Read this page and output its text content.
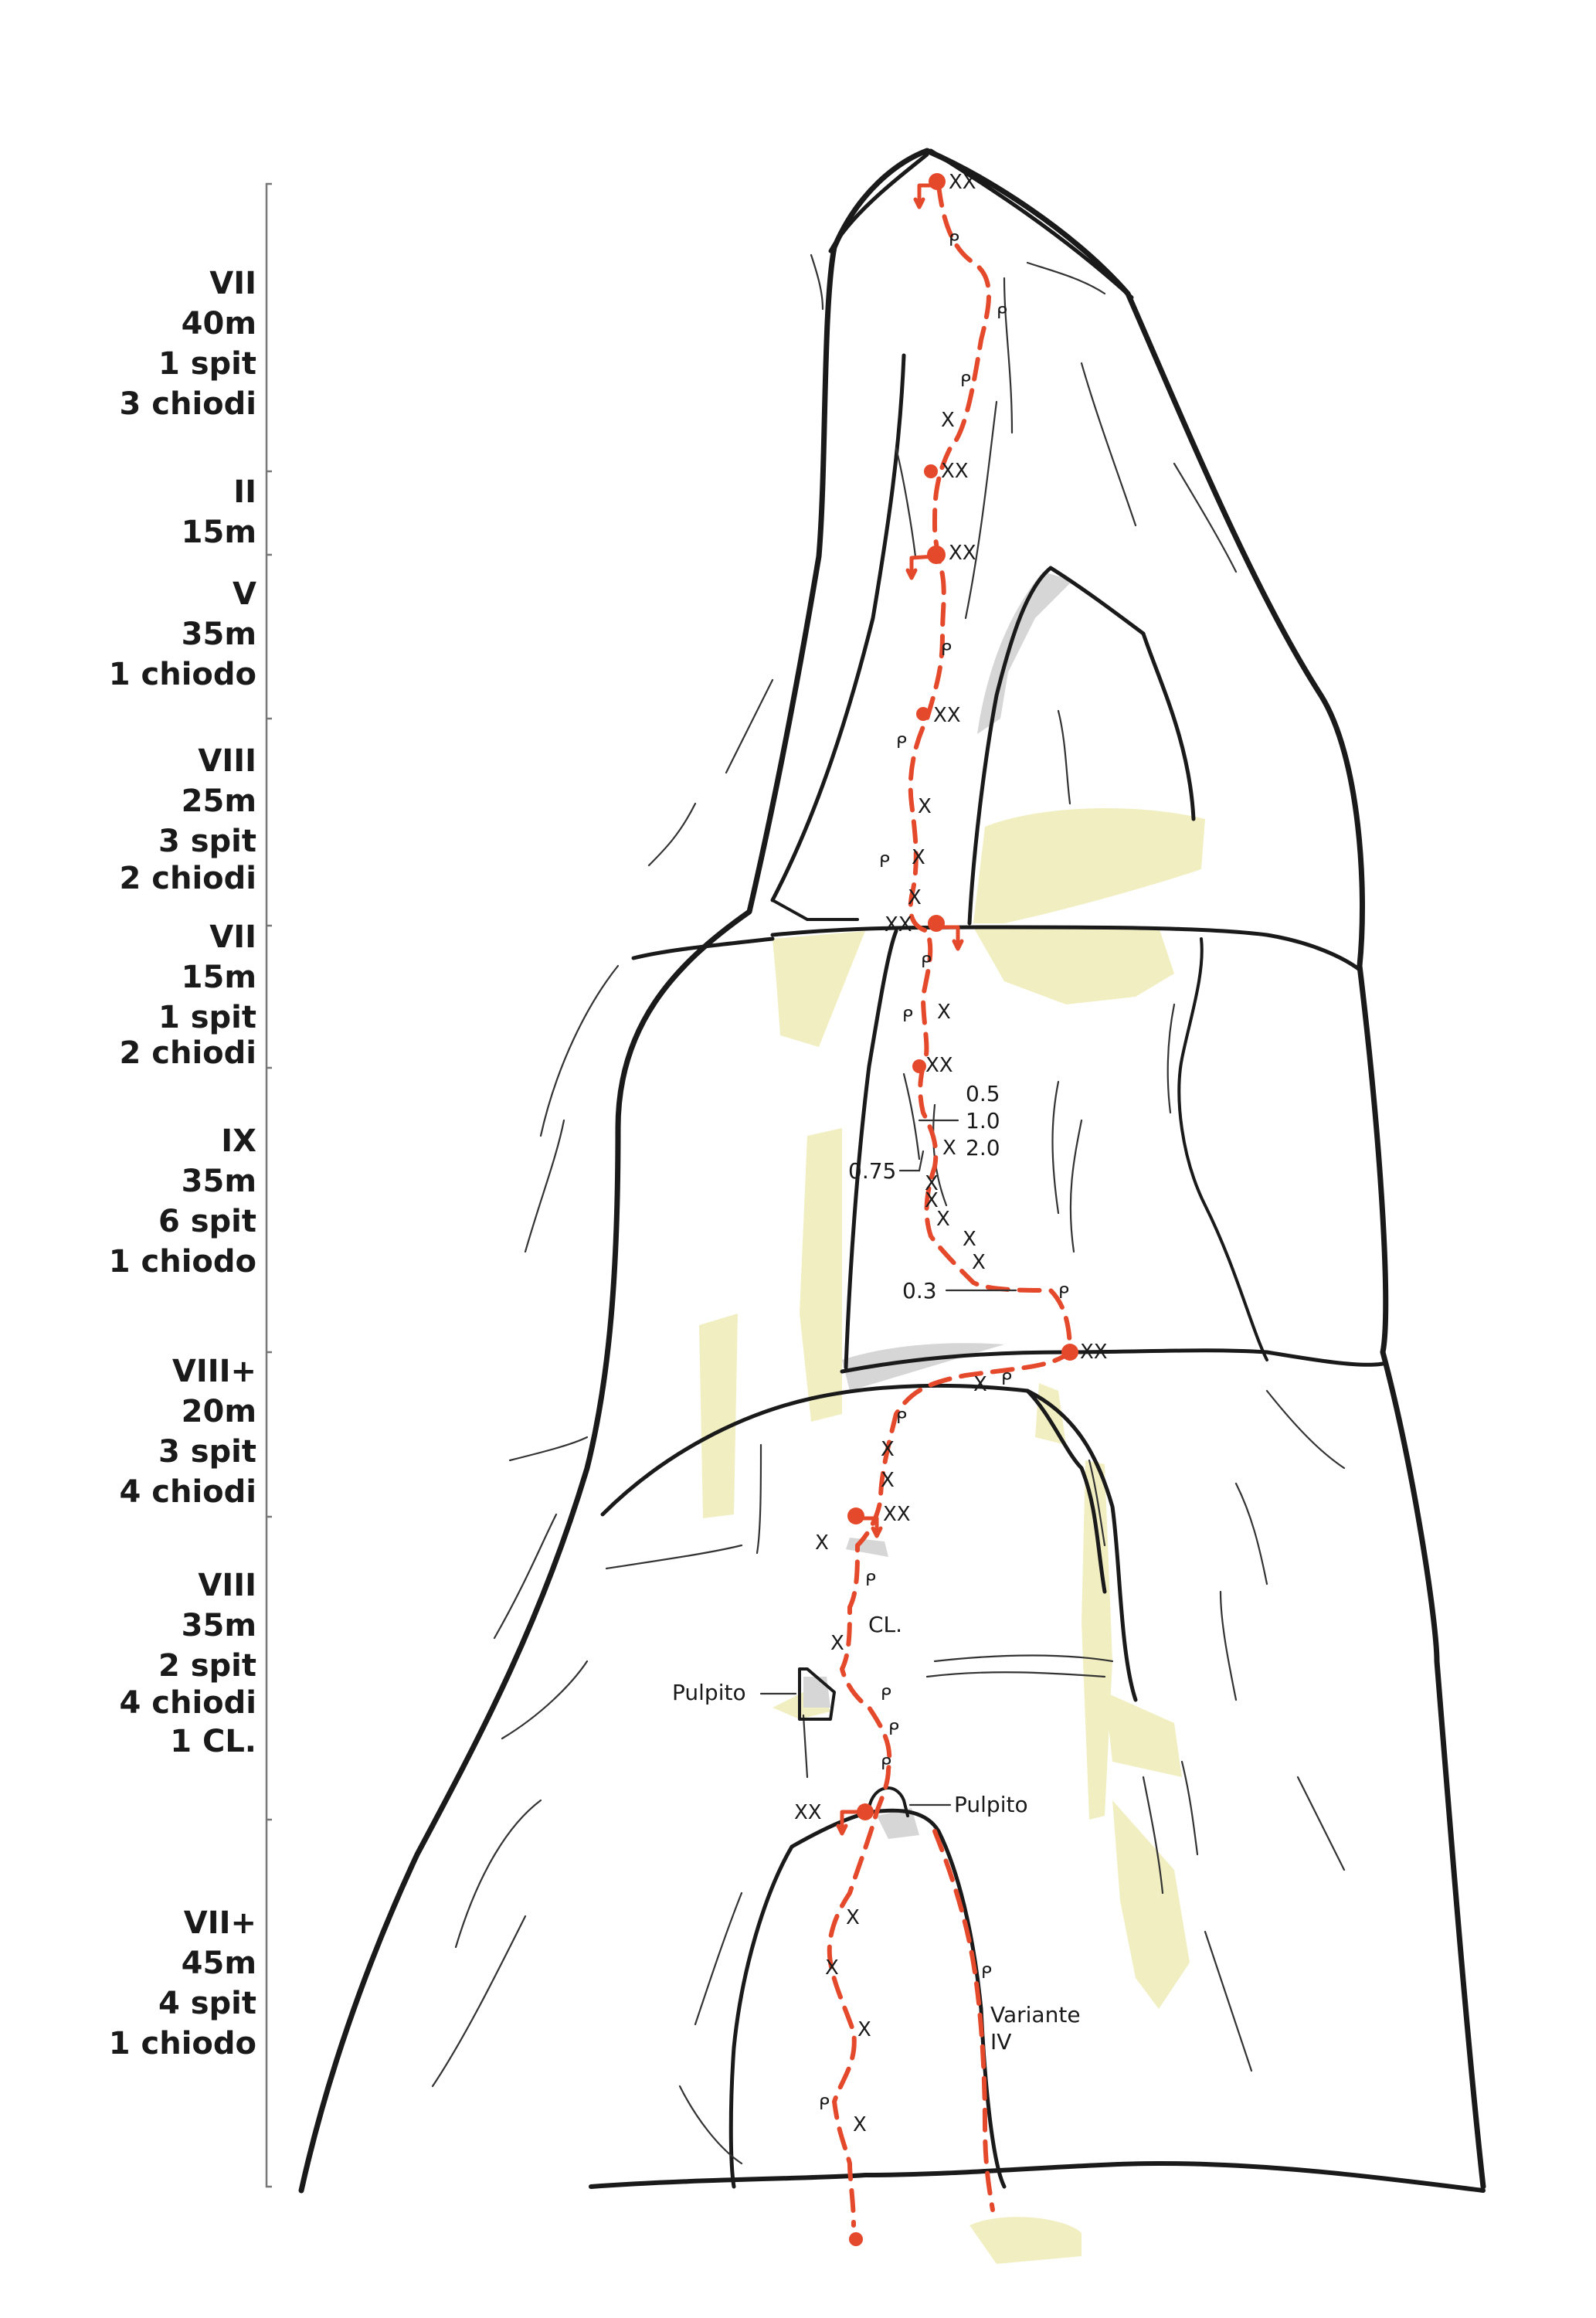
XX
XX
XX
XX
XX
XX
XX
XX
XX
X
X
X
X
X
X
X
X
X
X
X
X
X
X
X
X
X
X
X
X
ᑭ
ᑭ
ᑭ
ᑭ
ᑭ
ᑭ
ᑭ
ᑭ
ᑭ
ᑭ
ᑭ
ᑭ
ᑭ
ᑭ
ᑭ
ᑭ
ᑭ
0.5
1.0
2.0
0.75
0.3
CL.
Pulpito
Pulpito
Variante
IV
VII
40m
1 spit
3 chiodi
II
15m
V
35m
1 chiodo
VIII
25m
3 spit
2 chiodi
VII
15m
1 spit
2 chiodi
IX
35m
6 spit
1 chiodo
VIII+
20m
3 spit
4 chiodi
VIII
35m
2 spit
4 chiodi
1 CL.
VII+
45m
4 spit
1 chiodo
